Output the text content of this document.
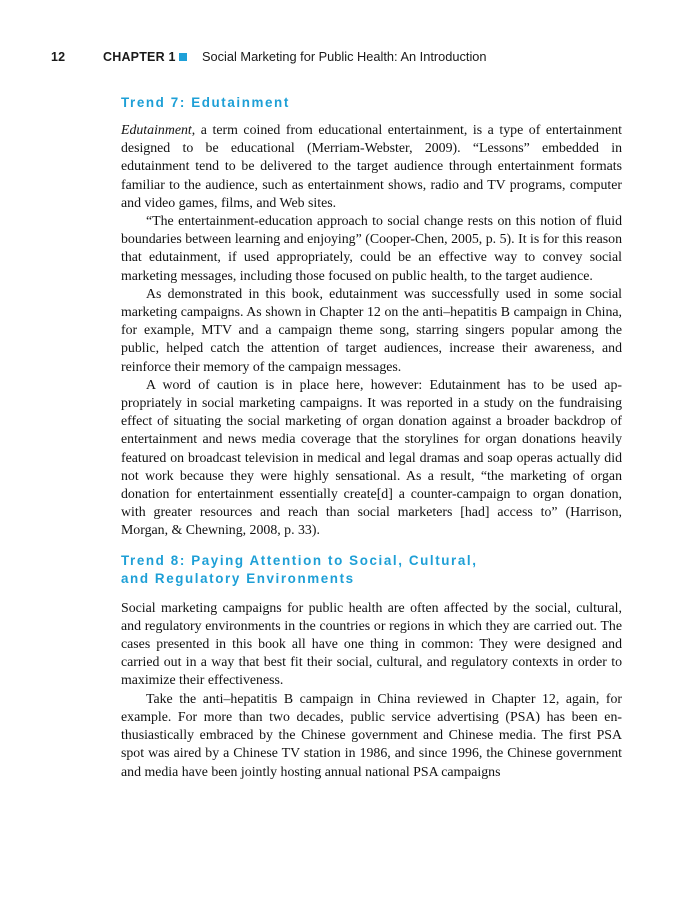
12	CHAPTER 1 Social Marketing for Public Health: An Introduction
Trend 7: Edutainment

Edutainment, a term coined from educational entertainment, is a type of entertainment designed to be educational (Merriam-Webster, 2009). “Lessons” embedded in edutainment tend to be delivered to the target audience through entertainment formats familiar to the audience, such as entertainment shows, radio and TV programs, computer and video games, films, and Web sites.

“The entertainment-education approach to social change rests on this notion of fluid boundaries between learning and enjoying” (Cooper-Chen, 2005, p. 5). It is for this reason that edutainment, if used appropriately, could be an effective way to convey social marketing messages, including those focused on public health, to the target audience.

As demonstrated in this book, edutainment was successfully used in some social marketing campaigns. As shown in Chapter 12 on the anti–hepatitis B campaign in China, for example, MTV and a campaign theme song, starring singers popular among the public, helped catch the attention of target audiences, increase their awareness, and reinforce their memory of the campaign messages.

A word of caution is in place here, however: Edutainment has to be used appropriately in social marketing campaigns. It was reported in a study on the fundraising effect of situating the social marketing of organ donation against a broader backdrop of entertainment and news media coverage that the storylines for organ donations heavily featured on broadcast television in medical and legal dramas and soap operas actually did not work because they were highly sensational. As a result, “the marketing of organ donation for entertainment essentially create[d] a counter-campaign to organ donation, with greater resources and reach than social marketers [had] access to” (Harrison, Morgan, & Chewning, 2008, p. 33).

Trend 8: Paying Attention to Social, Cultural,
and Regulatory Environments

Social marketing campaigns for public health are often affected by the social, cultural, and regulatory environments in the countries or regions in which they are carried out. The cases presented in this book all have one thing in common: They were designed and carried out in a way that best fit their social, cultural, and regulatory contexts in order to maximize their effectiveness.

Take the anti–hepatitis B campaign in China reviewed in Chapter 12, again, for example. For more than two decades, public service advertising (PSA) has been enthusiastically embraced by the Chinese government and Chinese media. The first PSA spot was aired by a Chinese TV station in 1986, and since 1996, the Chinese government and media have been jointly hosting annual national PSA campaigns
